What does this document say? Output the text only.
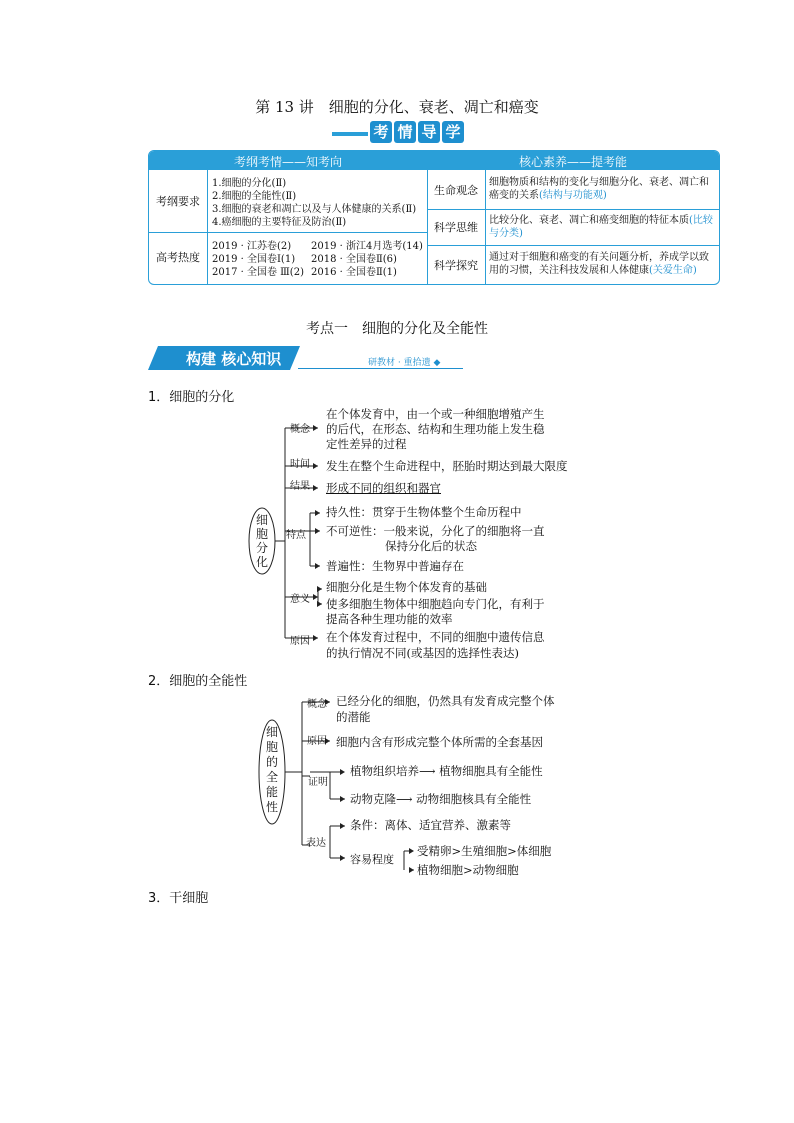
第 13 讲　细胞的分化、衰老、凋亡和癌变
考 情 导 学
考纲考情——知考向	核心素养——提考能
考纲要求
1.细胞的分化(Ⅱ)
2.细胞的全能性(Ⅱ)
3.细胞的衰老和凋亡以及与人体健康的关系(Ⅱ)
4.癌细胞的主要特征及防治(Ⅱ)
高考热度
2019 · 江苏卷(2)
2019 · 全国卷Ⅰ(1)
2017 · 全国卷 Ⅲ(2)
2019 · 浙江4月选考(14)
2018 · 全国卷Ⅱ(6)
2016 · 全国卷Ⅱ(1)
生命观念
细胞物质和结构的变化与细胞分化、衰老、凋亡和癌变的关系(结构与功能观)
科学思维
比较分化、衰老、凋亡和癌变细胞的特征本质(比较与分类)
科学探究
通过对于细胞和癌变的有关问题分析，养成学以致用的习惯，关注科技发展和人体健康(关爱生命)
考点一　细胞的分化及全能性
构建 核心知识	研教材 · 重拾遗 ◆
1．细胞的分化
细胞分化
概念
时间
结果
特点
意义
原因
在个体发育中，由一个或一种细胞增殖产生
的后代，在形态、结构和生理功能上发生稳
定性差异的过程
发生在整个生命进程中，胚胎时期达到最大限度
形成不同的组织和器官
持久性：贯穿于生物体整个生命历程中
不可逆性：一般来说，分化了的细胞将一直
保持分化后的状态
普遍性：生物界中普遍存在
细胞分化是生物个体发育的基础
使多细胞生物体中细胞趋向专门化，有利于
提高各种生理功能的效率
在个体发育过程中，不同的细胞中遗传信息
的执行情况不同(或基因的选择性表达)
2．细胞的全能性
细胞的全能性
概念
原因
证明
表达
已经分化的细胞，仍然具有发育成完整个体
的潜能
细胞内含有形成完整个体所需的全套基因
植物组织培养⟶ 植物细胞具有全能性
动物克隆⟶ 动物细胞核具有全能性
条件：离体、适宜营养、激素等
容易程度
受精卵>生殖细胞>体细胞
植物细胞>动物细胞
3．干细胞
